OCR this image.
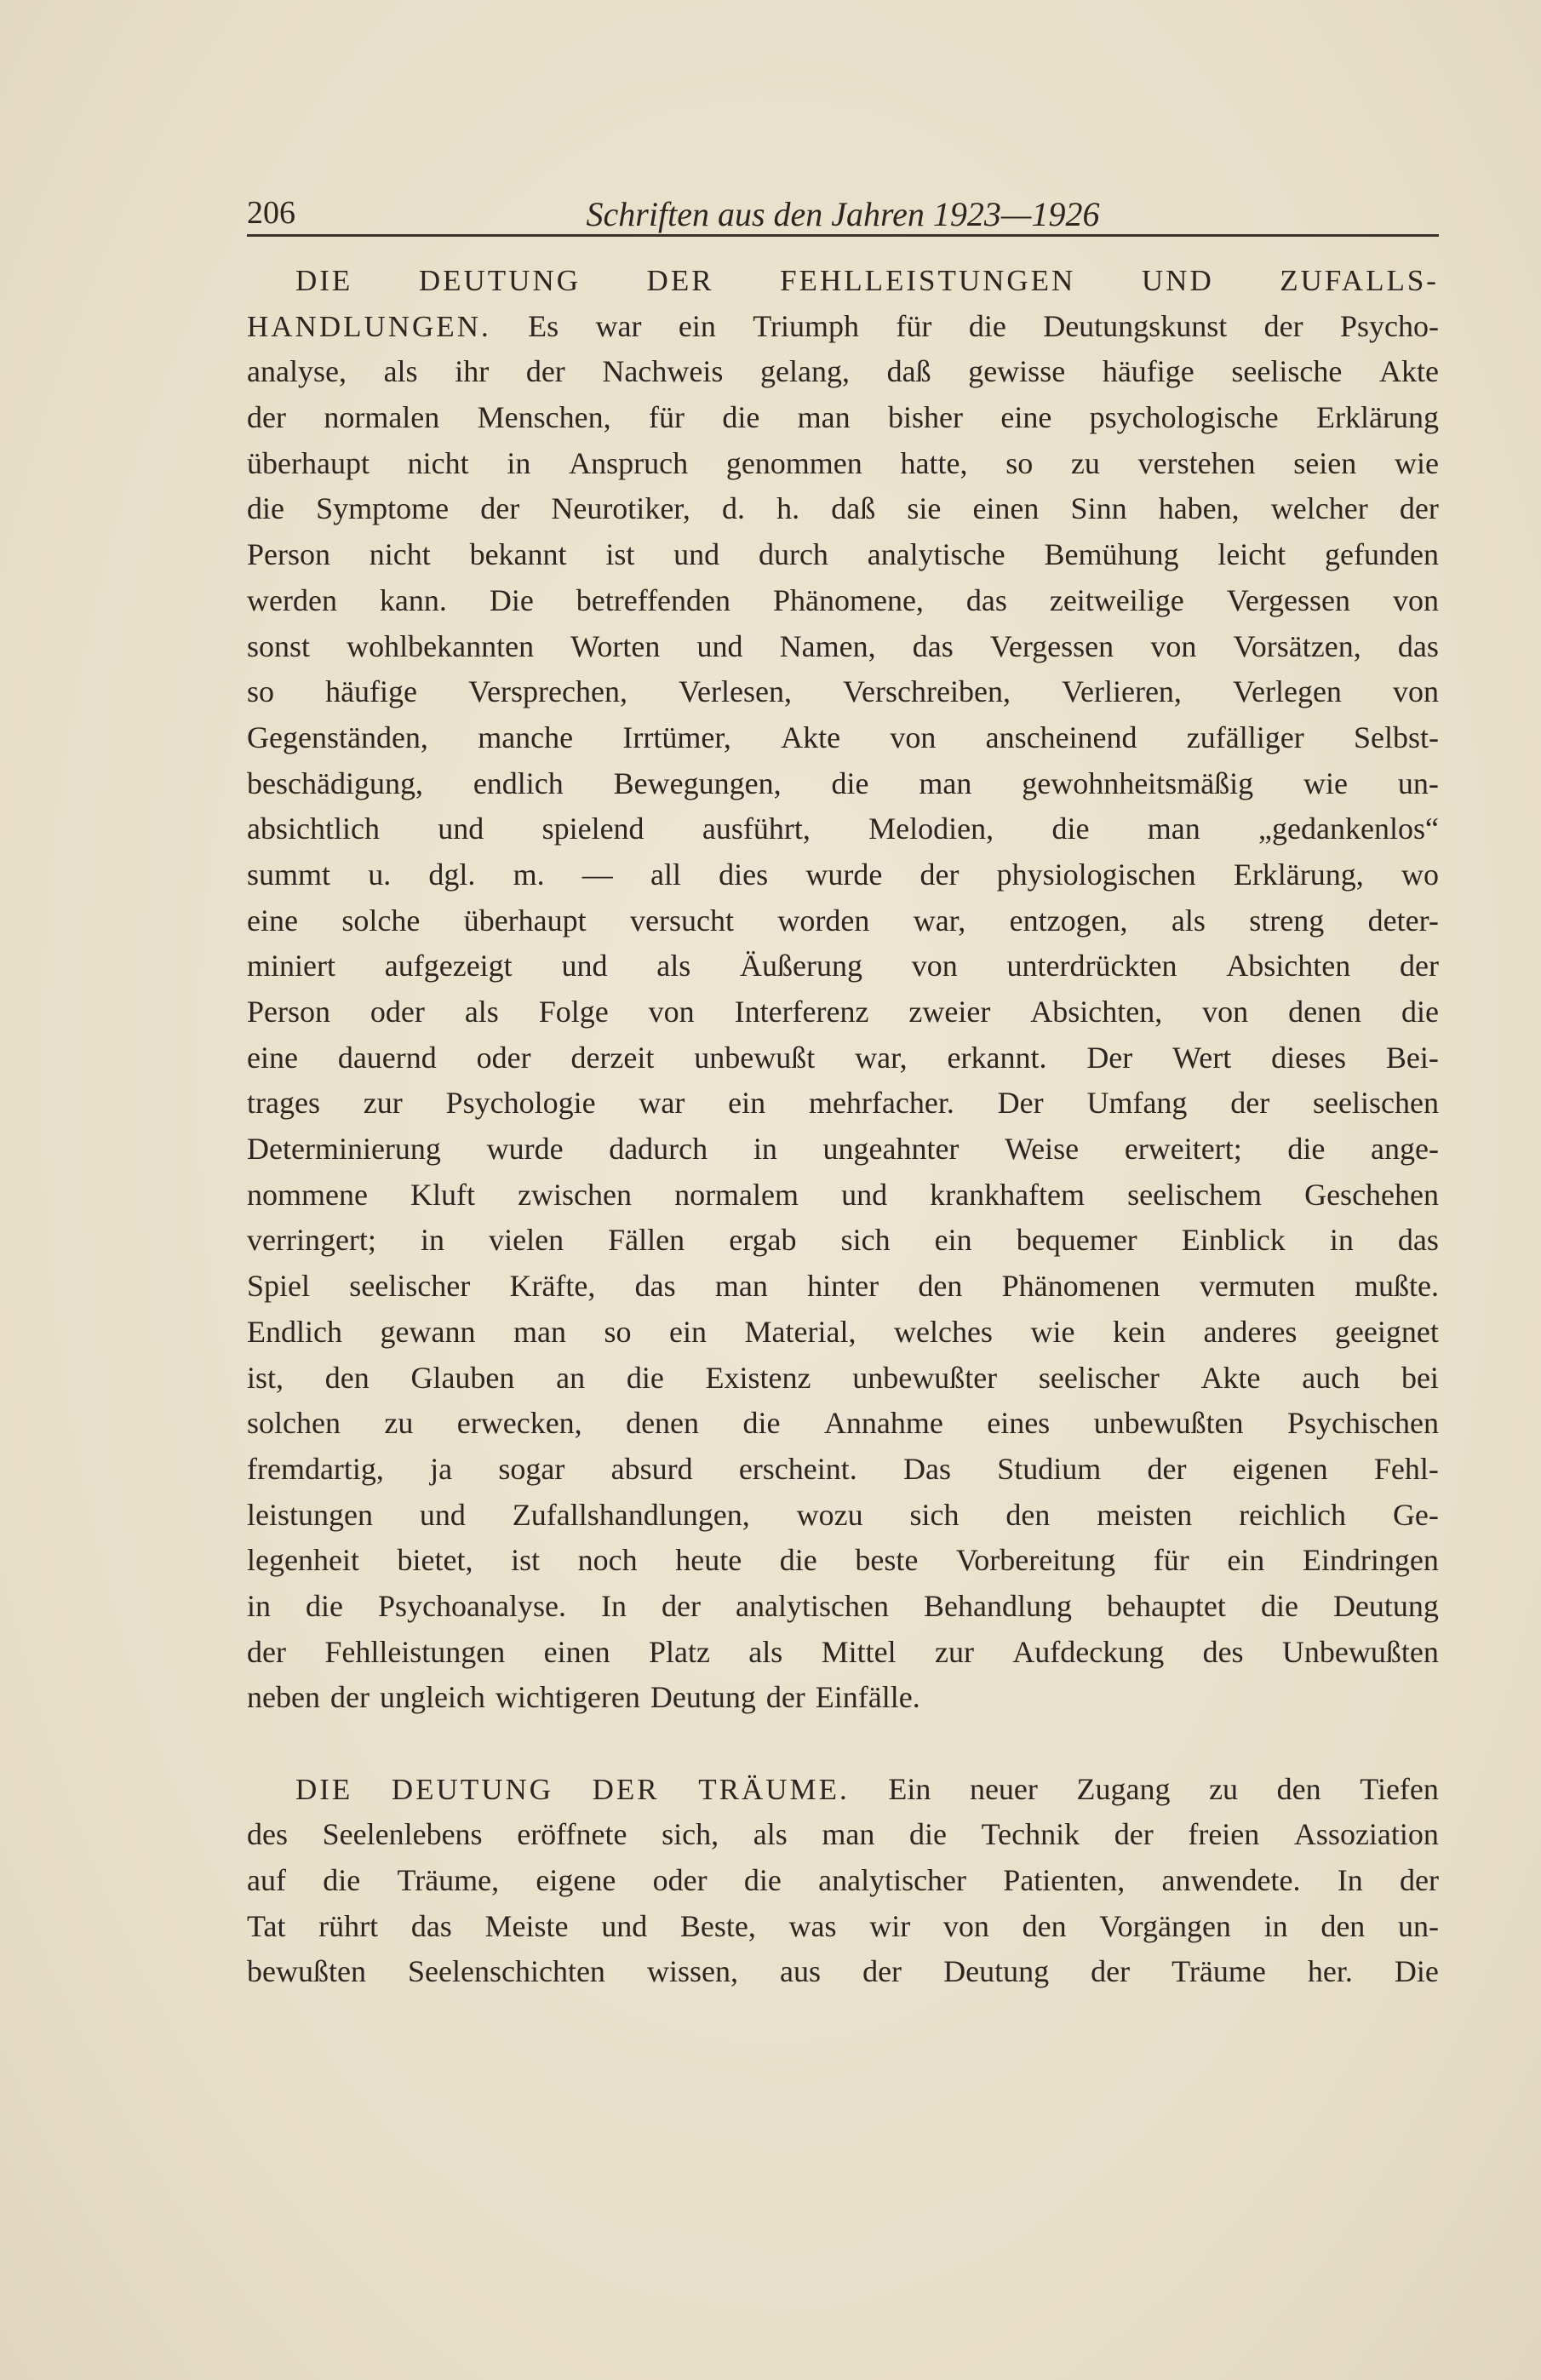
206	Schriften aus den Jahren 1923—1926
DIE DEUTUNG DER FEHLLEISTUNGEN UND ZUFALLS-
HANDLUNGEN. Es war ein Triumph für die Deutungskunst der Psycho-
analyse, als ihr der Nachweis gelang, daß gewisse häufige seelische Akte
der normalen Menschen, für die man bisher eine psychologische Erklärung
überhaupt nicht in Anspruch genommen hatte, so zu verstehen seien wie
die Symptome der Neurotiker, d. h. daß sie einen Sinn haben, welcher der
Person nicht bekannt ist und durch analytische Bemühung leicht gefunden
werden kann. Die betreffenden Phänomene, das zeitweilige Vergessen von
sonst wohlbekannten Worten und Namen, das Vergessen von Vorsätzen, das
so häufige Versprechen, Verlesen, Verschreiben, Verlieren, Verlegen von
Gegenständen, manche Irrtümer, Akte von anscheinend zufälliger Selbst-
beschädigung, endlich Bewegungen, die man gewohnheitsmäßig wie un-
absichtlich und spielend ausführt, Melodien, die man „gedankenlos“
summt u. dgl. m. — all dies wurde der physiologischen Erklärung, wo
eine solche überhaupt versucht worden war, entzogen, als streng deter-
miniert aufgezeigt und als Äußerung von unterdrückten Absichten der
Person oder als Folge von Interferenz zweier Absichten, von denen die
eine dauernd oder derzeit unbewußt war, erkannt. Der Wert dieses Bei-
trages zur Psychologie war ein mehrfacher. Der Umfang der seelischen
Determinierung wurde dadurch in ungeahnter Weise erweitert; die ange-
nommene Kluft zwischen normalem und krankhaftem seelischem Geschehen
verringert; in vielen Fällen ergab sich ein bequemer Einblick in das
Spiel seelischer Kräfte, das man hinter den Phänomenen vermuten mußte.
Endlich gewann man so ein Material, welches wie kein anderes geeignet
ist, den Glauben an die Existenz unbewußter seelischer Akte auch bei
solchen zu erwecken, denen die Annahme eines unbewußten Psychischen
fremdartig, ja sogar absurd erscheint. Das Studium der eigenen Fehl-
leistungen und Zufallshandlungen, wozu sich den meisten reichlich Ge-
legenheit bietet, ist noch heute die beste Vorbereitung für ein Eindringen
in die Psychoanalyse. In der analytischen Behandlung behauptet die Deutung
der Fehlleistungen einen Platz als Mittel zur Aufdeckung des Unbewußten
neben der ungleich wichtigeren Deutung der Einfälle.
DIE DEUTUNG DER TRÄUME. Ein neuer Zugang zu den Tiefen
des Seelenlebens eröffnete sich, als man die Technik der freien Assoziation
auf die Träume, eigene oder die analytischer Patienten, anwendete. In der
Tat rührt das Meiste und Beste, was wir von den Vorgängen in den un-
bewußten Seelenschichten wissen, aus der Deutung der Träume her. Die
